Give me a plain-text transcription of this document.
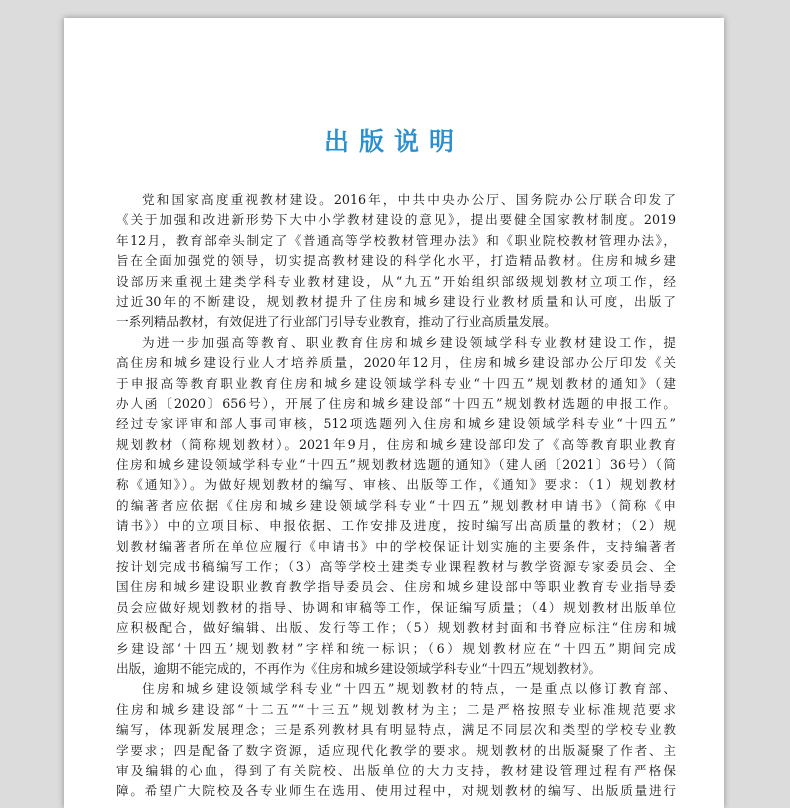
出版说明
党和国家高度重视教材建设。2016年，中共中央办公厅、国务院办公厅联合印发了
《关于加强和改进新形势下大中小学教材建设的意见》，提出要健全国家教材制度。2019
年12月，教育部牵头制定了《普通高等学校教材管理办法》和《职业院校教材管理办法》，
旨在全面加强党的领导，切实提高教材建设的科学化水平，打造精品教材。住房和城乡建
设部历来重视土建类学科专业教材建设，从“九五”开始组织部级规划教材立项工作，经
过近30年的不断建设，规划教材提升了住房和城乡建设行业教材质量和认可度，出版了
一系列精品教材，有效促进了行业部门引导专业教育，推动了行业高质量发展。
为进一步加强高等教育、职业教育住房和城乡建设领域学科专业教材建设工作，提
高住房和城乡建设行业人才培养质量，2020年12月，住房和城乡建设部办公厅印发《关
于申报高等教育职业教育住房和城乡建设领域学科专业“十四五”规划教材的通知》（建
办人函〔2020〕656号），开展了住房和城乡建设部“十四五”规划教材选题的申报工作。
经过专家评审和部人事司审核，512项选题列入住房和城乡建设领域学科专业“十四五”
规划教材（简称规划教材）。2021年9月，住房和城乡建设部印发了《高等教育职业教育
住房和城乡建设领域学科专业“十四五”规划教材选题的通知》（建人函〔2021〕36号）（简
称《通知》）。为做好规划教材的编写、审核、出版等工作，《通知》要求：（1）规划教材
的编著者应依据《住房和城乡建设领域学科专业“十四五”规划教材申请书》（简称《申
请书》）中的立项目标、申报依据、工作安排及进度，按时编写出高质量的教材；（2）规
划教材编著者所在单位应履行《申请书》中的学校保证计划实施的主要条件，支持编著者
按计划完成书稿编写工作；（3）高等学校土建类专业课程教材与教学资源专家委员会、全
国住房和城乡建设职业教育教学指导委员会、住房和城乡建设部中等职业教育专业指导委
员会应做好规划教材的指导、协调和审稿等工作，保证编写质量；（4）规划教材出版单位
应积极配合，做好编辑、出版、发行等工作；（5）规划教材封面和书脊应标注“住房和城
乡建设部‘十四五’规划教材”字样和统一标识；（6）规划教材应在“十四五”期间完成
出版，逾期不能完成的，不再作为《住房和城乡建设领域学科专业“十四五”规划教材》。
住房和城乡建设领域学科专业“十四五”规划教材的特点，一是重点以修订教育部、
住房和城乡建设部“十二五”“十三五”规划教材为主；二是严格按照专业标准规范要求
编写，体现新发展理念；三是系列教材具有明显特点，满足不同层次和类型的学校专业教
学要求；四是配备了数字资源，适应现代化教学的要求。规划教材的出版凝聚了作者、主
审及编辑的心血，得到了有关院校、出版单位的大力支持，教材建设管理过程有严格保
障。希望广大院校及各专业师生在选用、使用过程中，对规划教材的编写、出版质量进行
